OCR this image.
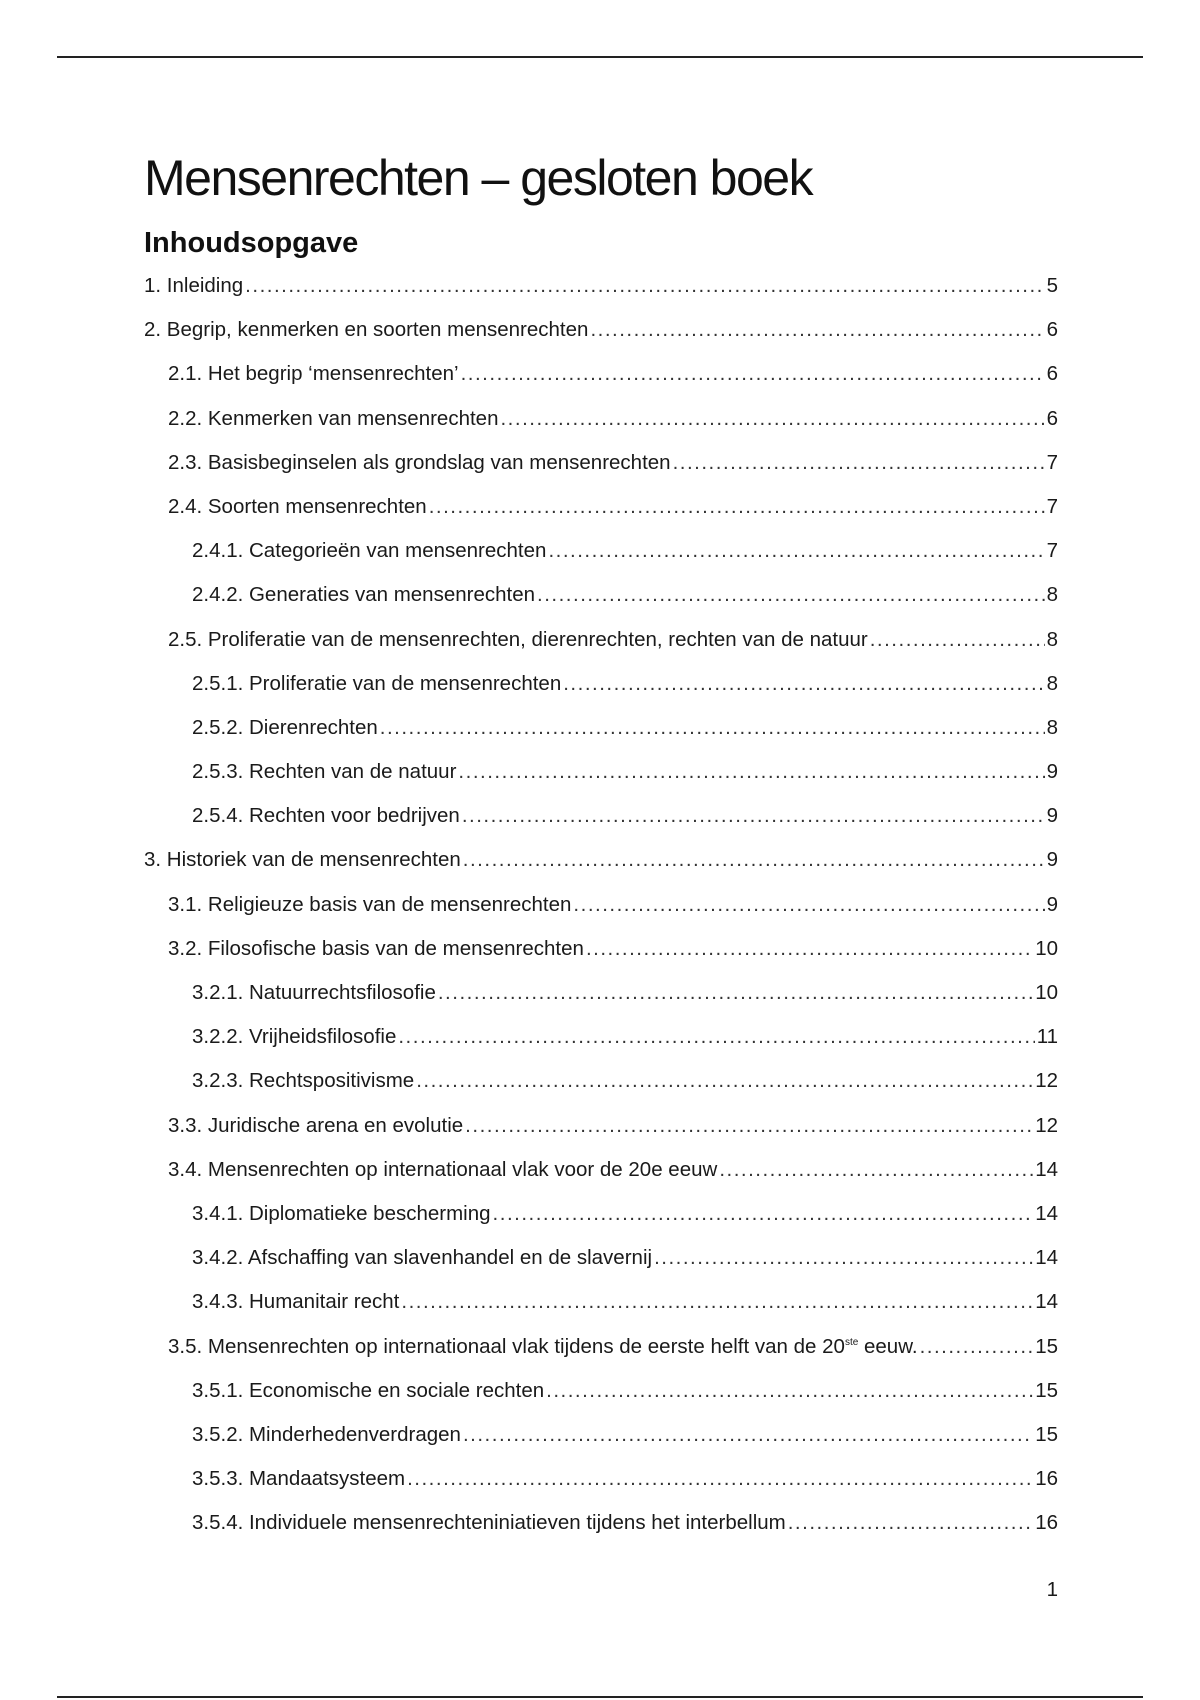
Mensenrechten – gesloten boek
Inhoudsopgave
1. Inleiding .....	5
2. Begrip, kenmerken en soorten mensenrechten .....	6
2.1. Het begrip ‘mensenrechten’ .....	6
2.2. Kenmerken van mensenrechten .....	6
2.3. Basisbeginselen als grondslag van mensenrechten .....	7
2.4. Soorten mensenrechten .....	7
2.4.1. Categorieën van mensenrechten .....	7
2.4.2. Generaties van mensenrechten .....	8
2.5. Proliferatie van de mensenrechten, dierenrechten, rechten van de natuur .....	8
2.5.1. Proliferatie van de mensenrechten .....	8
2.5.2. Dierenrechten .....	8
2.5.3. Rechten van de natuur .....	9
2.5.4. Rechten voor bedrijven .....	9
3. Historiek van de mensenrechten .....	9
3.1. Religieuze basis van de mensenrechten .....	9
3.2. Filosofische basis van de mensenrechten .....	10
3.2.1. Natuurrechtsfilosofie .....	10
3.2.2. Vrijheidsfilosofie .....	11
3.2.3. Rechtspositivisme .....	12
3.3. Juridische arena en evolutie .....	12
3.4. Mensenrechten op internationaal vlak voor de 20e eeuw .....	14
3.4.1. Diplomatieke bescherming .....	14
3.4.2. Afschaffing van slavenhandel en de slavernij .....	14
3.4.3. Humanitair recht .....	14
3.5. Mensenrechten op internationaal vlak tijdens de eerste helft van de 20ste eeuw. .....	15
3.5.1. Economische en sociale rechten .....	15
3.5.2. Minderhedenverdragen .....	15
3.5.3. Mandaatsysteem .....	16
3.5.4. Individuele mensenrechteniniatieven tijdens het interbellum .....	16
1
